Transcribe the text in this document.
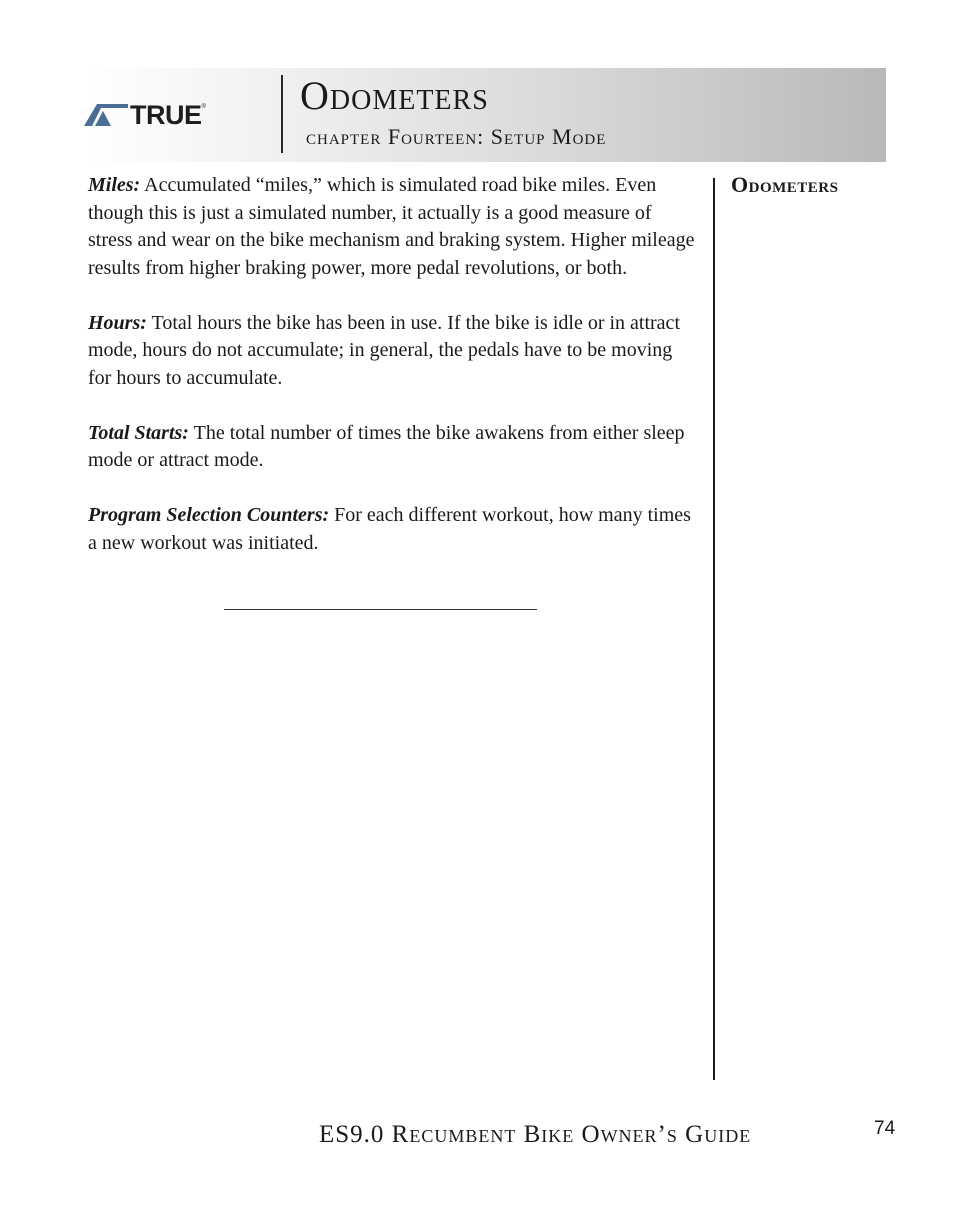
TRUE ® Odometers
chapter Fourteen: Setup Mode

Miles: Accumulated “miles,” which is simulated road bike miles. Even though this is just a simulated number, it actually is a good measure of stress and wear on the bike mechanism and braking system. Higher mileage results from higher braking power, more pedal revolutions, or both.

Hours: Total hours the bike has been in use. If the bike is idle or in attract mode, hours do not accumulate; in general, the pedals have to be moving for hours to accumulate.

Total Starts: The total number of times the bike awakens from either sleep mode or attract mode.

Program Selection Counters: For each different workout, how many times a new workout was initiated.

Odometers
ES9.0 Recumbent Bike Owner’s Guide	74
